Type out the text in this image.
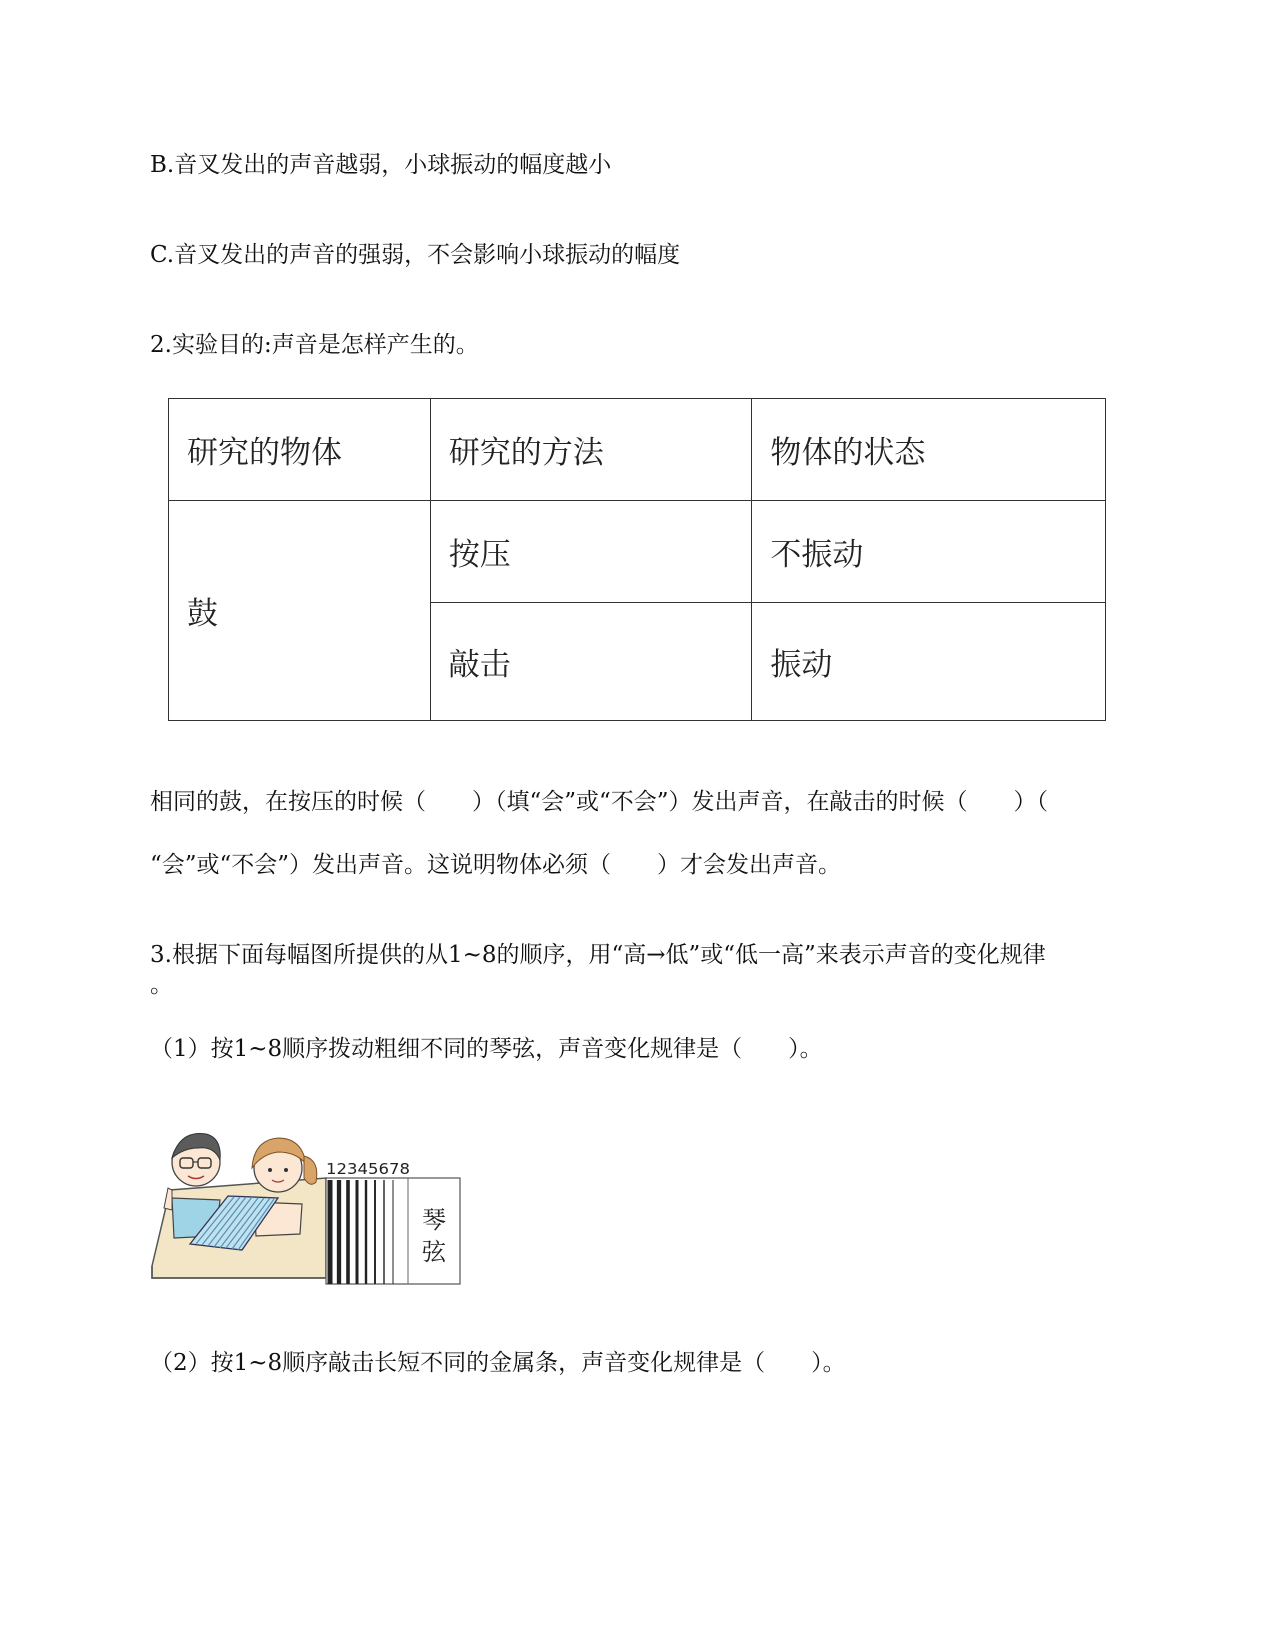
B.音叉发出的声音越弱，小球振动的幅度越小
C.音叉发出的声音的强弱，不会影响小球振动的幅度
2.实验目的:声音是怎样产生的。
研究的物体	研究的方法	物体的状态
鼓	按压	不振动
	敲击	振动
相同的鼓，在按压的时候（　　）（填“会”或“不会”）发出声音，在敲击的时候（　　）（
“会”或“不会”）发出声音。这说明物体必须（　　）才会发出声音。
3.根据下面每幅图所提供的从1~8的顺序，用“高→低”或“低一高”来表示声音的变化规律
。
（1）按1~8顺序拨动粗细不同的琴弦，声音变化规律是（　　）。
12345678
琴
弦
（2）按1~8顺序敲击长短不同的金属条，声音变化规律是（　　）。
